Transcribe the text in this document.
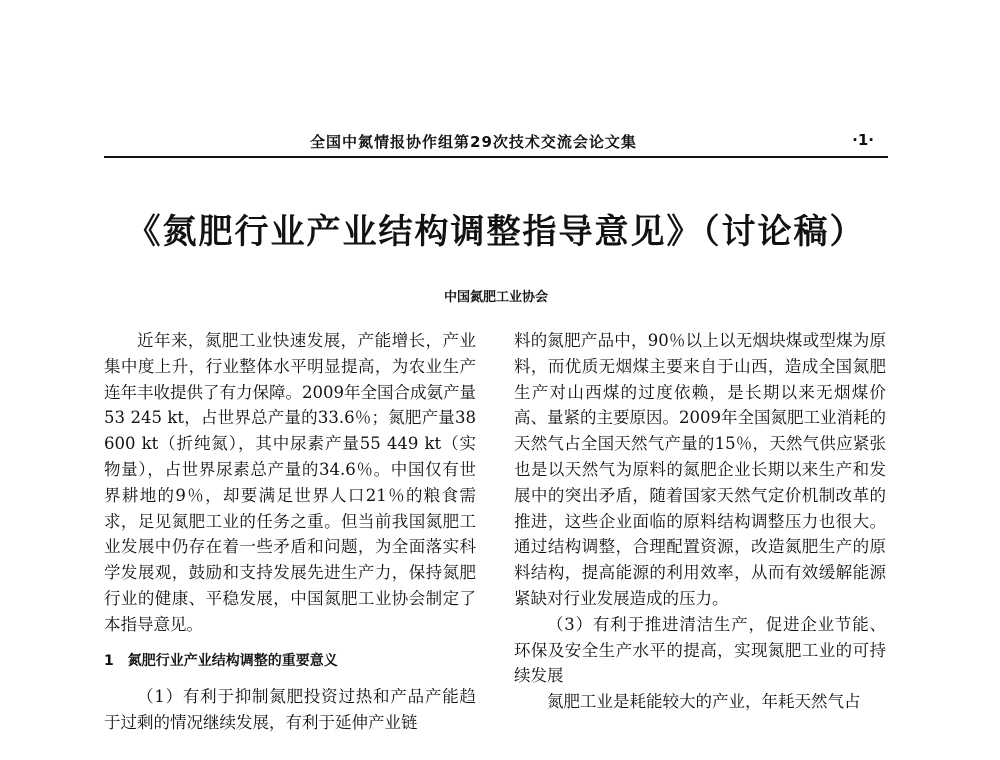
全国中氮情报协作组第29次技术交流会论文集	·1·
《氮肥行业产业结构调整指导意见》（讨论稿）
中国氮肥工业协会

近年来，氮肥工业快速发展，产能增长，产业集中度上升，行业整体水平明显提高，为农业生产连年丰收提供了有力保障。2009年全国合成氨产量53 245 kt，占世界总产量的33.6％；氮肥产量38 600 kt（折纯氮），其中尿素产量55 449 kt（实物量），占世界尿素总产量的34.6％。中国仅有世界耕地的9％，却要满足世界人口21％的粮食需求，足见氮肥工业的任务之重。但当前我国氮肥工业发展中仍存在着一些矛盾和问题，为全面落实科学发展观，鼓励和支持发展先进生产力，保持氮肥行业的健康、平稳发展，中国氮肥工业协会制定了本指导意见。

1　氮肥行业产业结构调整的重要意义

（1）有利于抑制氮肥投资过热和产品产能趋于过剩的情况继续发展，有利于延伸产业链

料的氮肥产品中，90％以上以无烟块煤或型煤为原料，而优质无烟煤主要来自于山西，造成全国氮肥生产对山西煤的过度依赖，是长期以来无烟煤价高、量紧的主要原因。2009年全国氮肥工业消耗的天然气占全国天然气产量的15％，天然气供应紧张也是以天然气为原料的氮肥企业长期以来生产和发展中的突出矛盾，随着国家天然气定价机制改革的推进，这些企业面临的原料结构调整压力也很大。通过结构调整，合理配置资源，改造氮肥生产的原料结构，提高能源的利用效率，从而有效缓解能源紧缺对行业发展造成的压力。

（3）有利于推进清洁生产，促进企业节能、环保及安全生产水平的提高，实现氮肥工业的可持续发展

氮肥工业是耗能较大的产业，年耗天然气占
